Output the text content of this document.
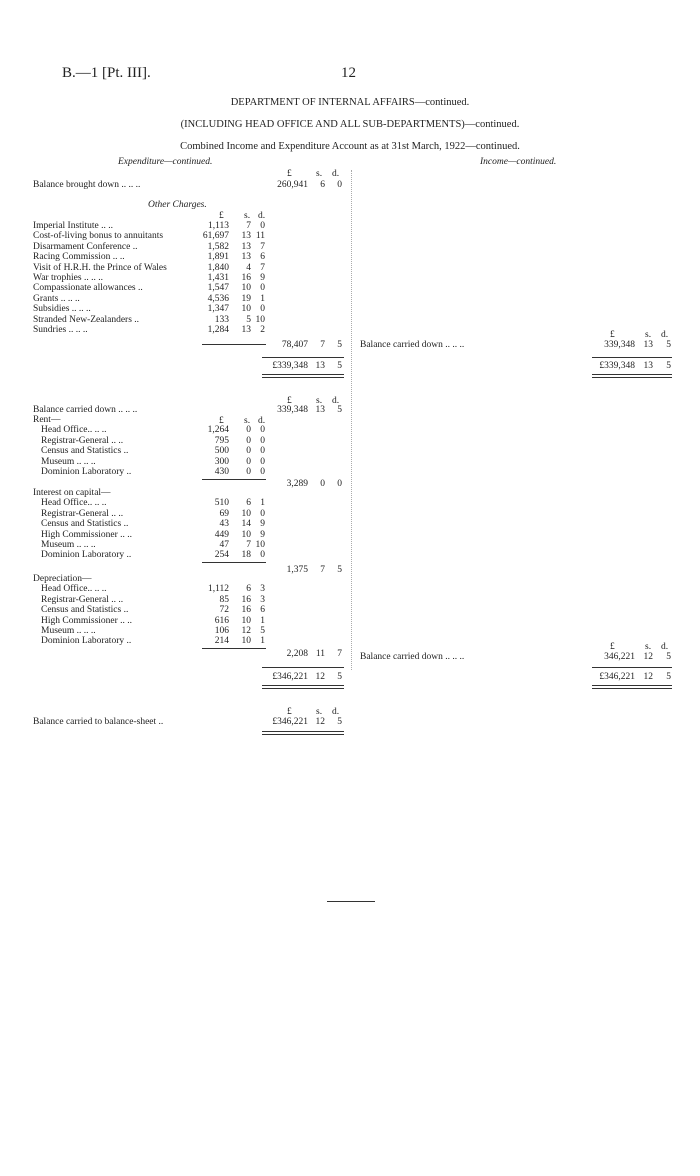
B.—1 [Pt. III].	12
DEPARTMENT OF INTERNAL AFFAIRS—continued.
(INCLUDING HEAD OFFICE AND ALL SUB-DEPARTMENTS)—continued.
Combined Income and Expenditure Account as at 31st March, 1922—continued.
Expenditure—continued.	Income—continued.
£	s. d.
Balance brought down .. .. ..	260,941	6	0
Other Charges.
£ s. d.
Imperial Institute .. ..	1,113	7 0
Cost-of-living bonus to annuitants	61,697	13 11
Disarmament Conference ..	1,582	13 7
Racing Commission .. ..	1,891	13 6
Visit of H.R.H. the Prince of Wales	1,840	4 7
War trophies .. .. ..	1,431	16 9
Compassionate allowances ..	1,547	10 0
Grants .. .. ..	4,536	19 1
Subsidies .. .. ..	1,347	10 0
Stranded New-Zealanders ..	133	5 10
Sundries .. .. ..	1,284	13 2
78,407	7	5
£339,348 13	5
£	s. d.
Balance carried down .. .. ..	339,348 13	5
£339,348 13	5
£	s. d.
Balance carried down .. .. ..	339,348 13	5
£ s. d.
Rent—
Head Office.. .. ..	1,264	0 0
Registrar-General .. ..	795	0 0
Census and Statistics ..	500	0 0
Museum .. .. ..	300	0 0
Dominion Laboratory ..	430	0 0
3,289	0	0
Interest on capital—
Head Office.. .. ..	510	6 1
Registrar-General .. ..	69	10 0
Census and Statistics ..	43	14 9
High Commissioner .. ..	449	10 9
Museum .. .. ..	47	7 10
Dominion Laboratory ..	254	18 0
1,375	7	5
Depreciation—
Head Office.. .. ..	1,112	6 3
Registrar-General .. ..	85	16 3
Census and Statistics ..	72	16 6
High Commissioner .. ..	616	10 1
Museum .. .. ..	106	12 5
Dominion Laboratory ..	214	10 1
2,208 11	7
£346,221 12	5
£	s. d.
Balance carried down .. .. ..	346,221 12	5
£346,221 12	5
£	s. d.
Balance carried to balance-sheet ..	£346,221 12	5
